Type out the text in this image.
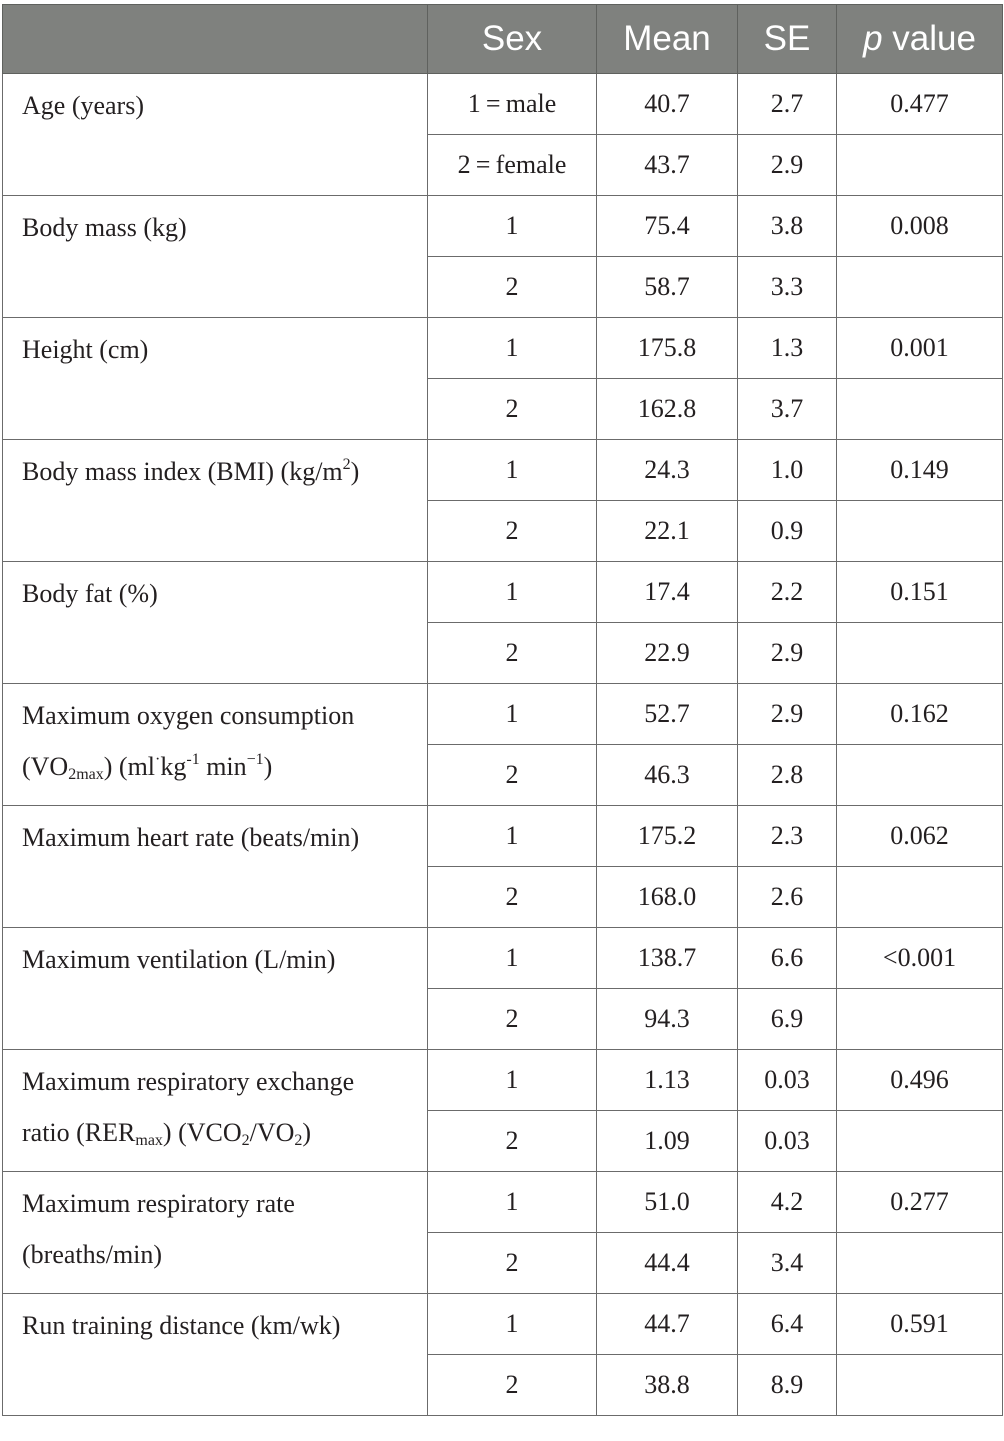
	Sex	Mean	SE	p value

Age (years)	1 = male	40.7	2.7	0.477
	2 = female	43.7	2.9	

Body mass (kg)	1	75.4	3.8	0.008
	2	58.7	3.3	

Height (cm)	1	175.8	1.3	0.001
	2	162.8	3.7	

Body mass index (BMI) $(kg/m^2)$	1	24.3	1.0	0.149
	2	22.1	0.9	

Body fat (%)	1	17.4	2.2	0.151
	2	22.9	2.9	

Maximum oxygen consumption
$(VO_{2max})$ ($ml^\cdot kg^{-1}$ $\min^{-1}$)	1	52.7	2.9	0.162
	2	46.3	2.8	

Maximum heart rate (beats/min)	1	175.2	2.3	0.062
	2	168.0	2.6	

Maximum ventilation (L/min)	1	138.7	6.6	<0.001
	2	94.3	6.9	

Maximum respiratory exchange
ratio $(RER_{max})$ $(VCO_2/VO_2)$	1	1.13	0.03	0.496
	2	1.09	0.03	

Maximum respiratory rate
(breaths/min)	1	51.0	4.2	0.277
	2	44.4	3.4	

Run training distance (km/wk)	1	44.7	6.4	0.591
	2	38.8	8.9	
